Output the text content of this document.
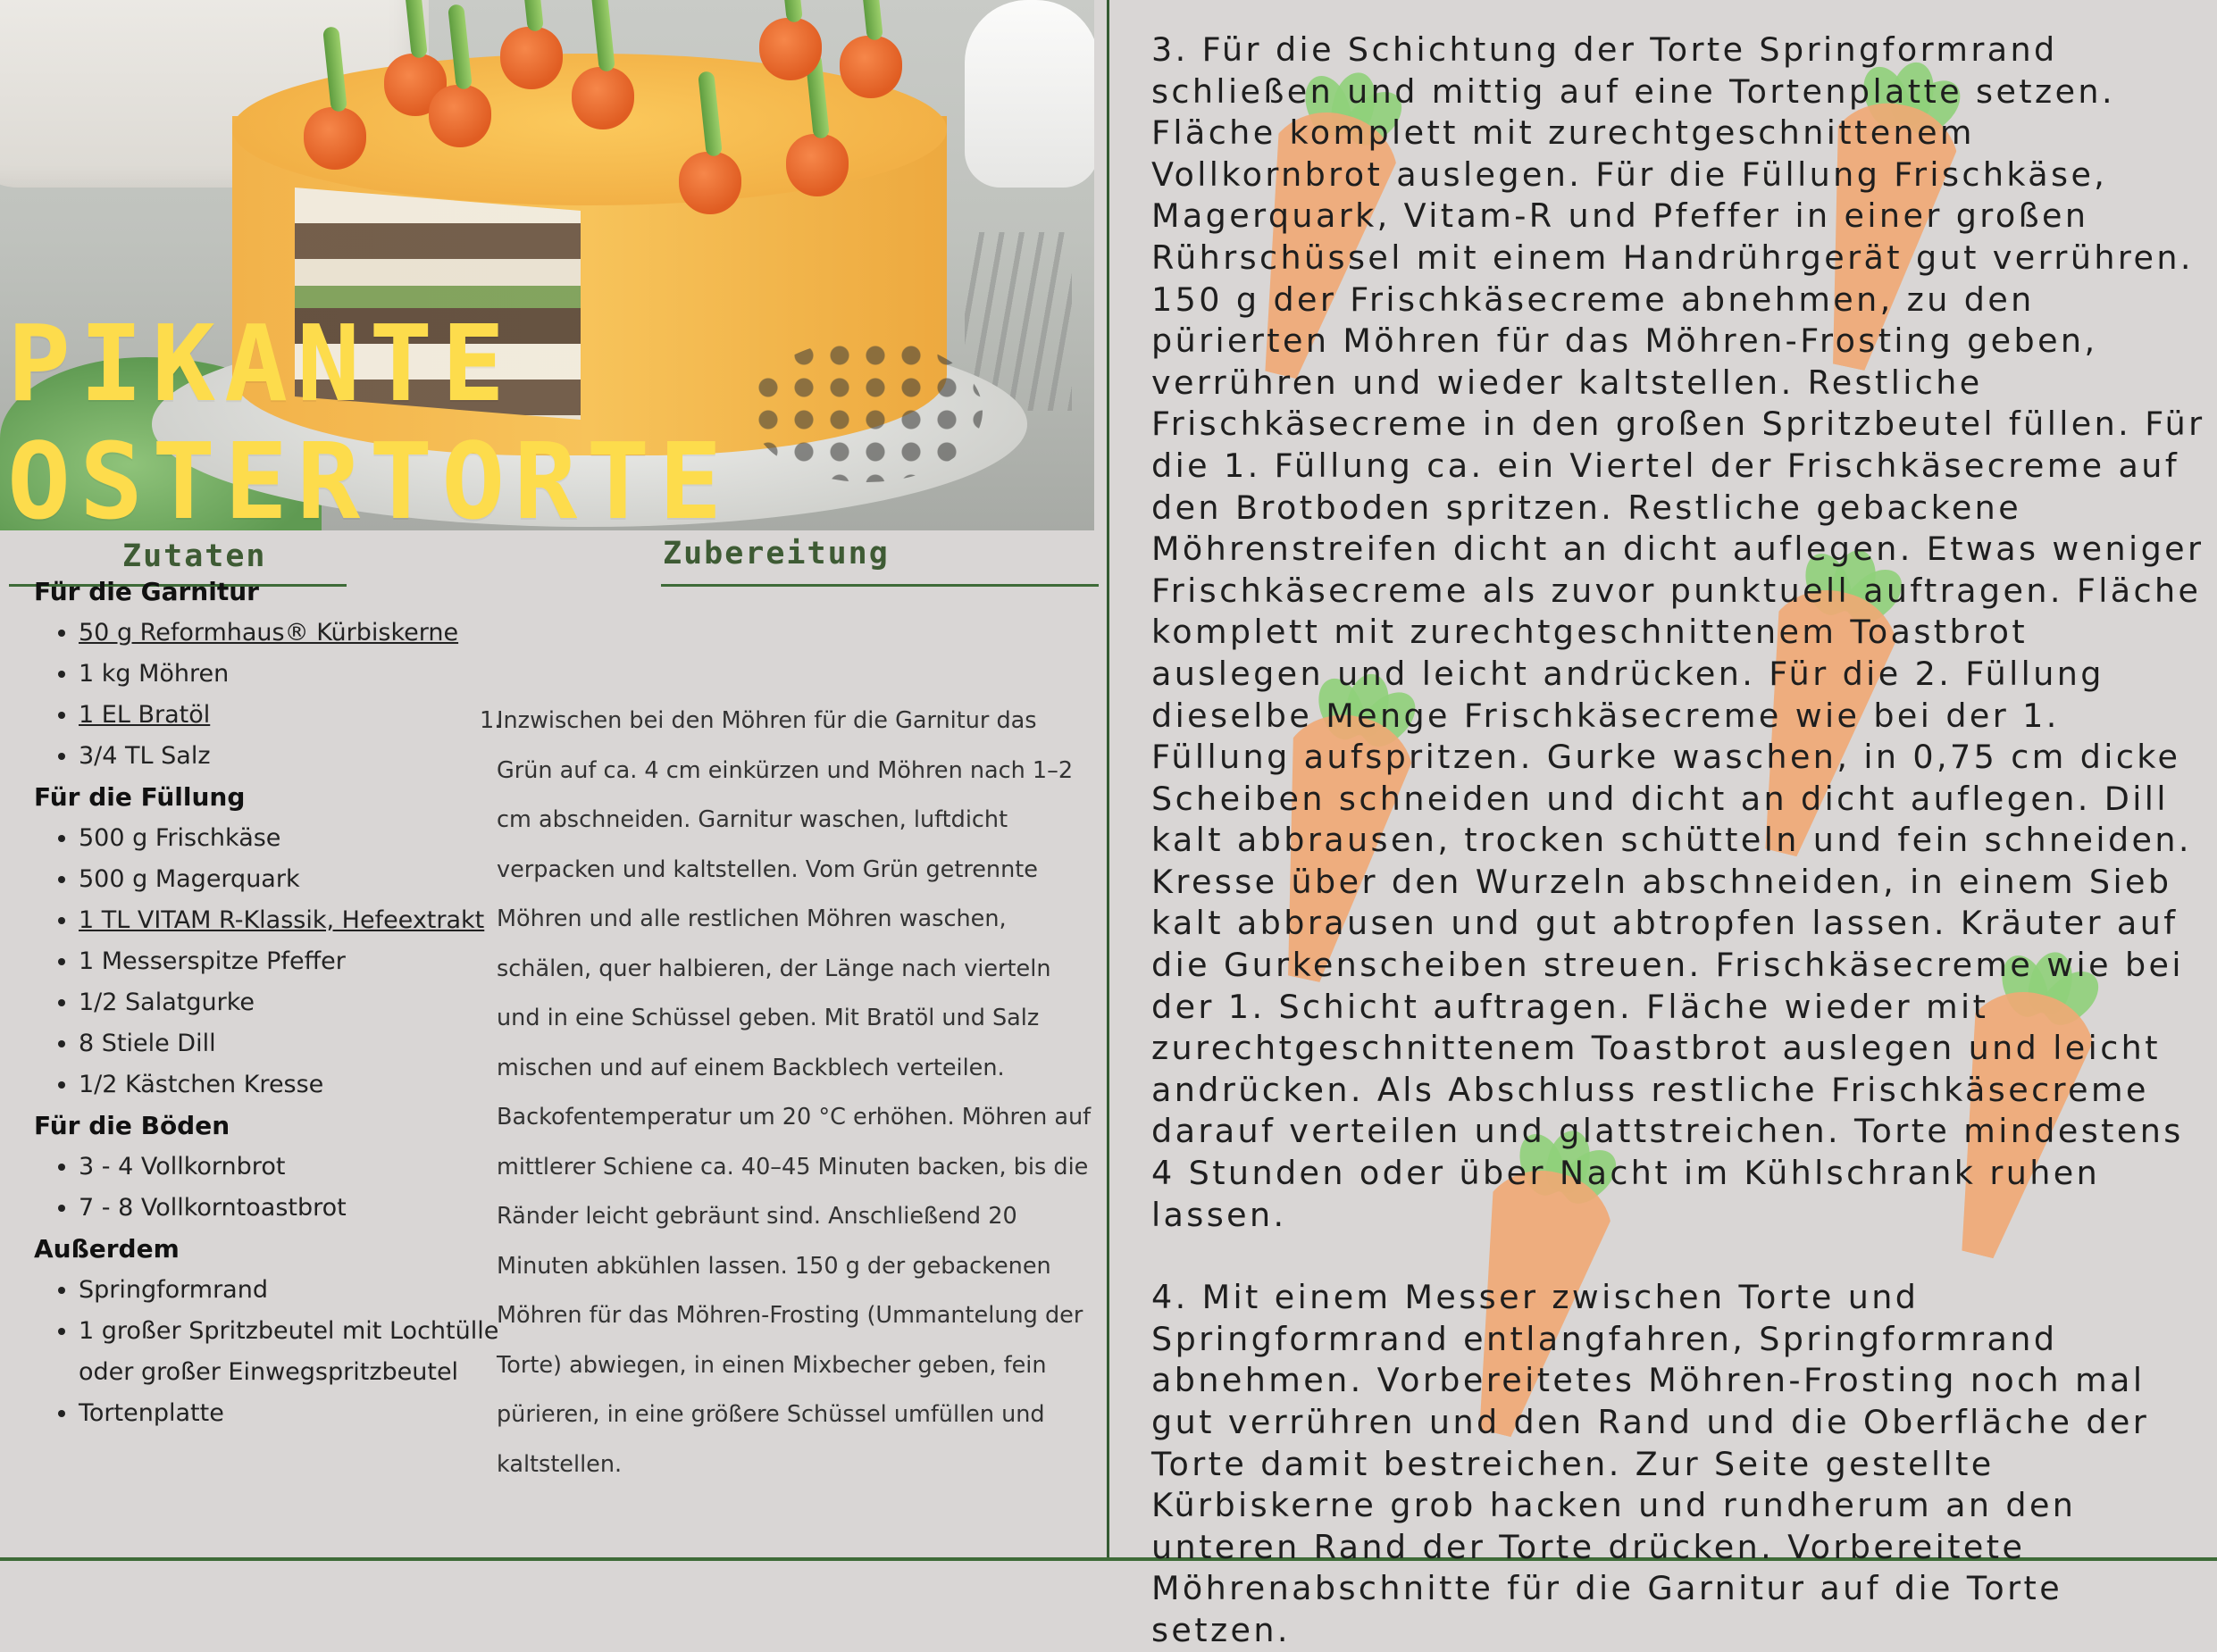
PIKANTE
OSTERTORTE
Zutaten	Zubereitung
Für die Garnitur
• 50 g Reformhaus® Kürbiskerne
• 1 kg Möhren
• 1 EL Bratöl
• 3/4 TL Salz
Für die Füllung
• 500 g Frischkäse
• 500 g Magerquark
• 1 TL VITAM R-Klassik, Hefeextrakt
• 1 Messerspitze Pfeffer
• 1/2 Salatgurke
• 8 Stiele Dill
• 1/2 Kästchen Kresse
Für die Böden
• 3 - 4 Vollkornbrot
• 7 - 8 Vollkorntoastbrot
Außerdem
• Springformrand
• 1 großer Spritzbeutel mit Lochtülle oder großer Einwegspritzbeutel
• Tortenplatte
1.
Inzwischen bei den Möhren für die Garnitur das Grün auf ca. 4 cm einkürzen und Möhren nach 1–2 cm abschneiden. Garnitur waschen, luftdicht verpacken und kaltstellen. Vom Grün getrennte Möhren und alle restlichen Möhren waschen, schälen, quer halbieren, der Länge nach vierteln und in eine Schüssel geben. Mit Bratöl und Salz mischen und auf einem Backblech verteilen. Backofentemperatur um 20 °C erhöhen. Möhren auf mittlerer Schiene ca. 40–45 Minuten backen, bis die Ränder leicht gebräunt sind. Anschließend 20 Minuten abkühlen lassen. 150 g der gebackenen Möhren für das Möhren-Frosting (Ummantelung der Torte) abwiegen, in einen Mixbecher geben, fein pürieren, in eine größere Schüssel umfüllen und kaltstellen.

3. Für die Schichtung der Torte Springformrand schließen und mittig auf eine Tortenplatte setzen. Fläche komplett mit zurechtgeschnittenem Vollkornbrot auslegen. Für die Füllung Frischkäse, Magerquark, Vitam-R und Pfeffer in einer großen Rührschüssel mit einem Handrührgerät gut verrühren. 150 g der Frischkäsecreme abnehmen, zu den pürierten Möhren für das Möhren-Frosting geben, verrühren und wieder kaltstellen. Restliche Frischkäsecreme in den großen Spritzbeutel füllen. Für die 1. Füllung ca. ein Viertel der Frischkäsecreme auf den Brotboden spritzen. Restliche gebackene Möhrenstreifen dicht an dicht auflegen. Etwas weniger Frischkäsecreme als zuvor punktuell auftragen. Fläche komplett mit zurechtgeschnittenem Toastbrot auslegen und leicht andrücken. Für die 2. Füllung dieselbe Menge Frischkäsecreme wie bei der 1. Füllung aufspritzen. Gurke waschen, in 0,75 cm dicke Scheiben schneiden und dicht an dicht auflegen. Dill kalt abbrausen, trocken schütteln und fein schneiden. Kresse über den Wurzeln abschneiden, in einem Sieb kalt abbrausen und gut abtropfen lassen. Kräuter auf die Gurkenscheiben streuen. Frischkäsecreme wie bei der 1. Schicht auftragen. Fläche wieder mit zurechtgeschnittenem Toastbrot auslegen und leicht andrücken. Als Abschluss restliche Frischkäsecreme darauf verteilen und glattstreichen. Torte mindestens 4 Stunden oder über Nacht im Kühlschrank ruhen lassen.

4. Mit einem Messer zwischen Torte und Springformrand entlangfahren, Springformrand abnehmen. Vorbereitetes Möhren-Frosting noch mal gut verrühren und den Rand und die Oberfläche der Torte damit bestreichen. Zur Seite gestellte Kürbiskerne grob hacken und rundherum an den unteren Rand der Torte drücken. Vorbereitete Möhrenabschnitte für die Garnitur auf die Torte setzen.
